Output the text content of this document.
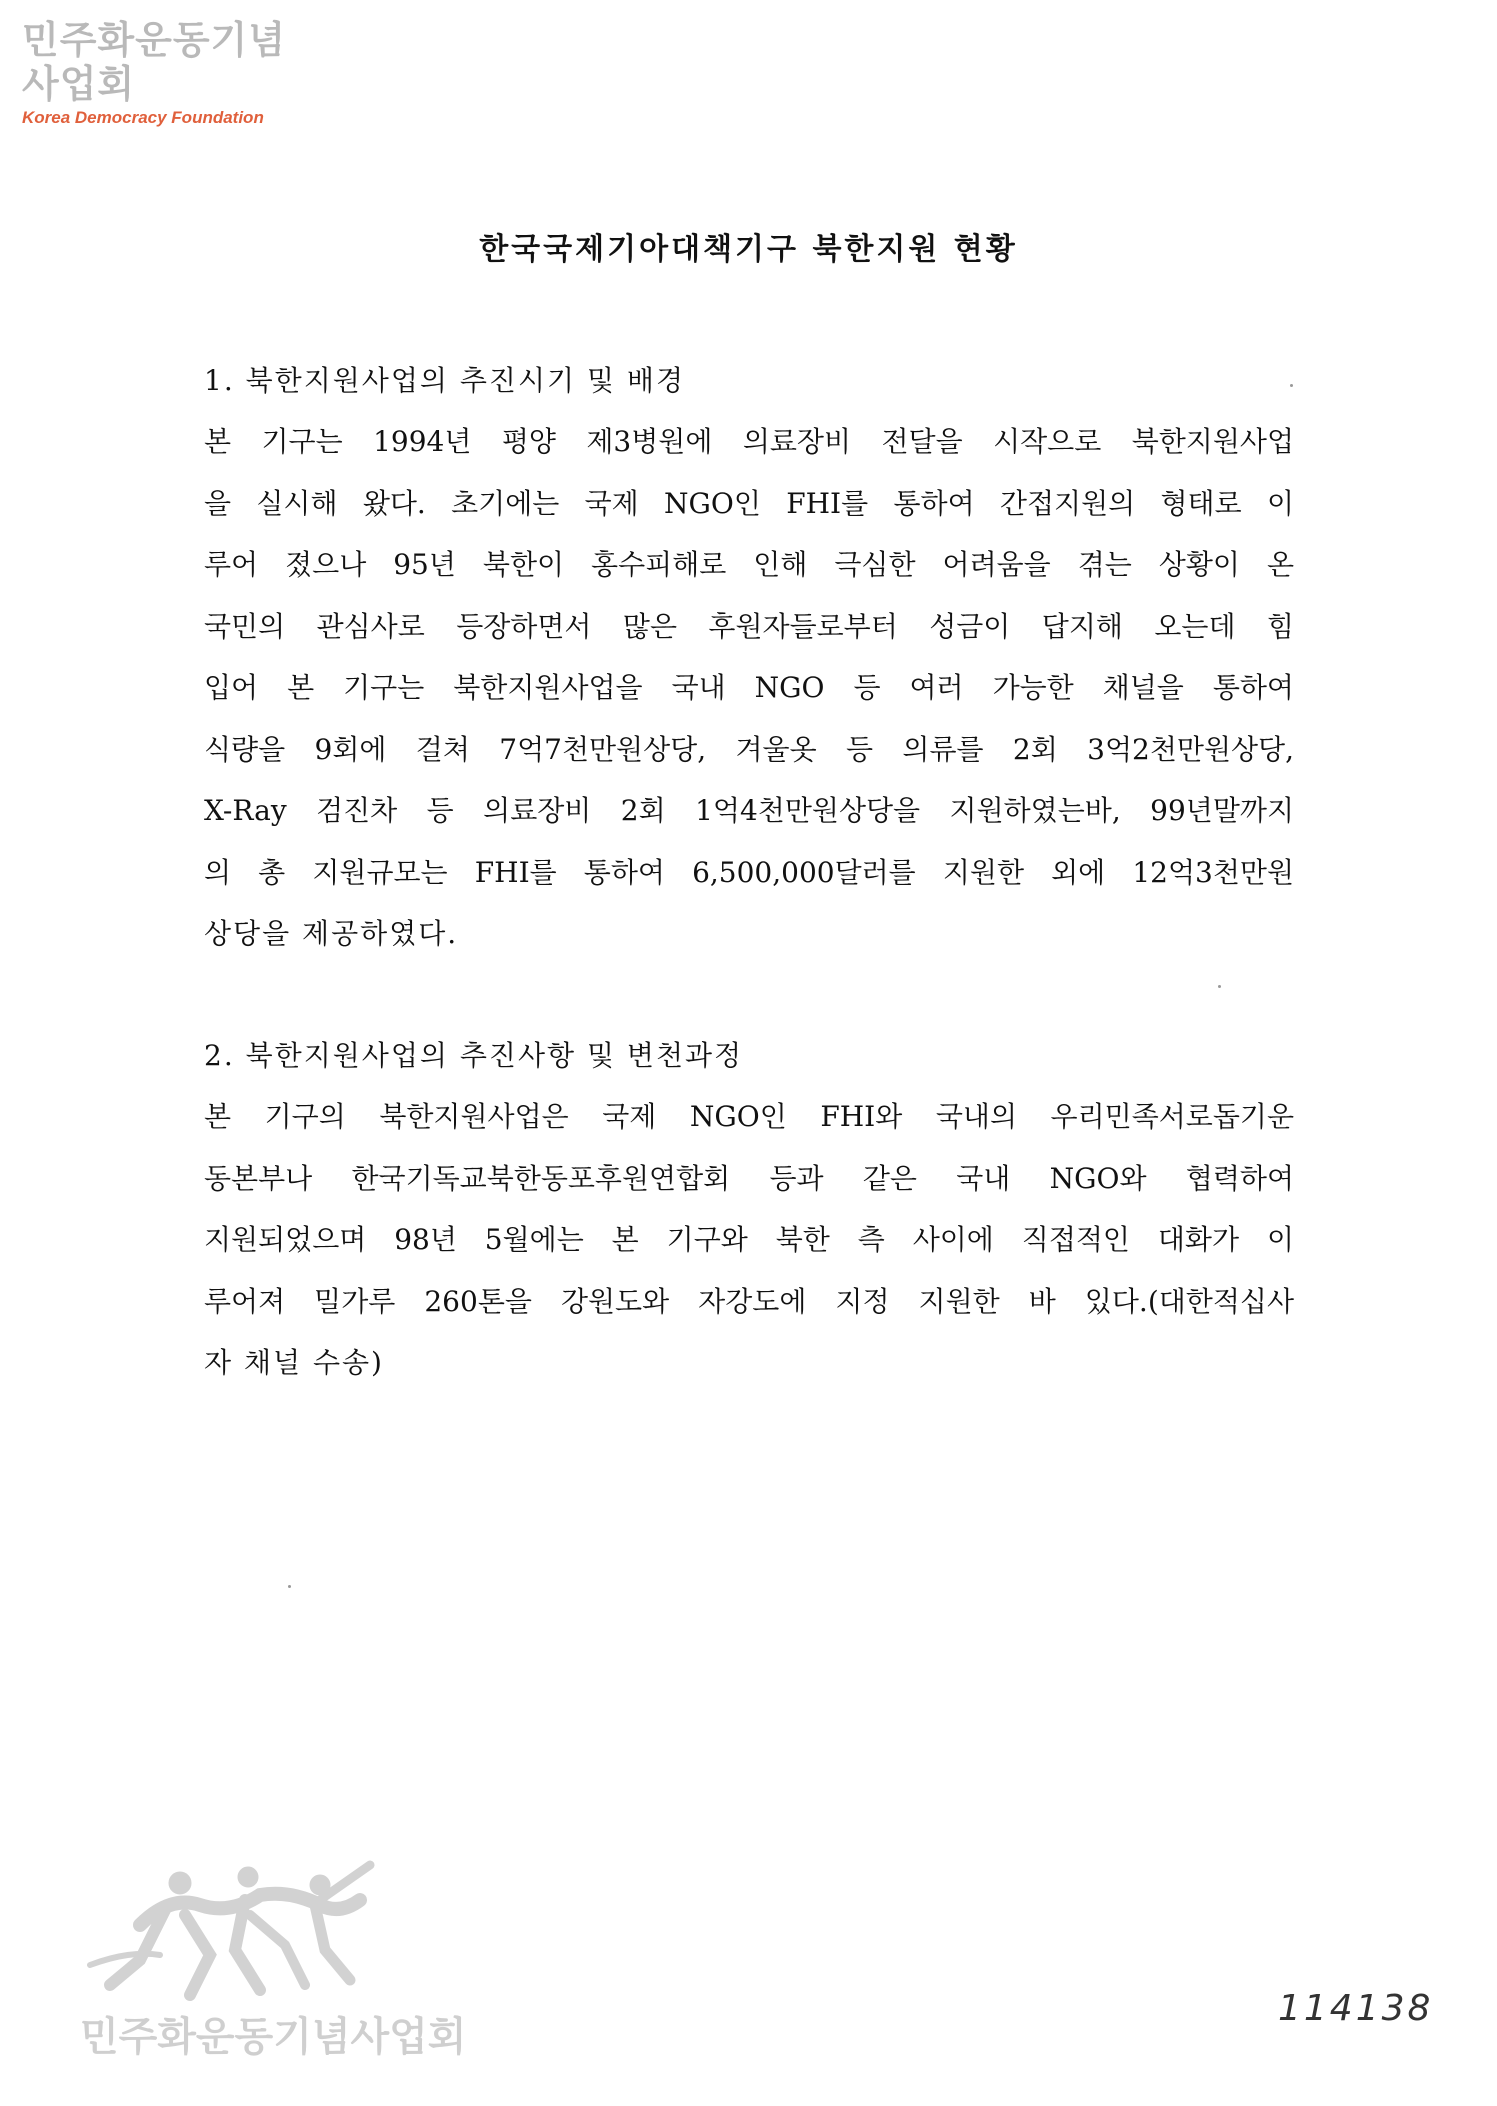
민주화운동기념사업회
Korea Democracy Foundation
한국국제기아대책기구 북한지원 현황
1. 북한지원사업의 추진시기 및 배경
본 기구는 1994년 평양 제3병원에 의료장비 전달을 시작으로 북한지원사업
을 실시해 왔다. 초기에는 국제 NGO인 FHI를 통하여 간접지원의 형태로 이
루어 졌으나 95년 북한이 홍수피해로 인해 극심한 어려움을 겪는 상황이 온
국민의 관심사로 등장하면서 많은 후원자들로부터 성금이 답지해 오는데 힘
입어 본 기구는 북한지원사업을 국내 NGO 등 여러 가능한 채널을 통하여
식량을 9회에 걸쳐 7억7천만원상당, 겨울옷 등 의류를 2회 3억2천만원상당,
X-Ray 검진차 등 의료장비 2회 1억4천만원상당을 지원하였는바, 99년말까지
의 총 지원규모는 FHI를 통하여 6,500,000달러를 지원한 외에 12억3천만원
상당을 제공하였다.
2. 북한지원사업의 추진사항 및 변천과정
본 기구의 북한지원사업은 국제 NGO인 FHI와 국내의 우리민족서로돕기운
동본부나 한국기독교북한동포후원연합회 등과 같은 국내 NGO와 협력하여
지원되었으며 98년 5월에는 본 기구와 북한 측 사이에 직접적인 대화가 이
루어져 밀가루 260톤을 강원도와 자강도에 지정 지원한 바 있다.(대한적십사
자 채널 수송)
민주화운동기념사업회
114138
